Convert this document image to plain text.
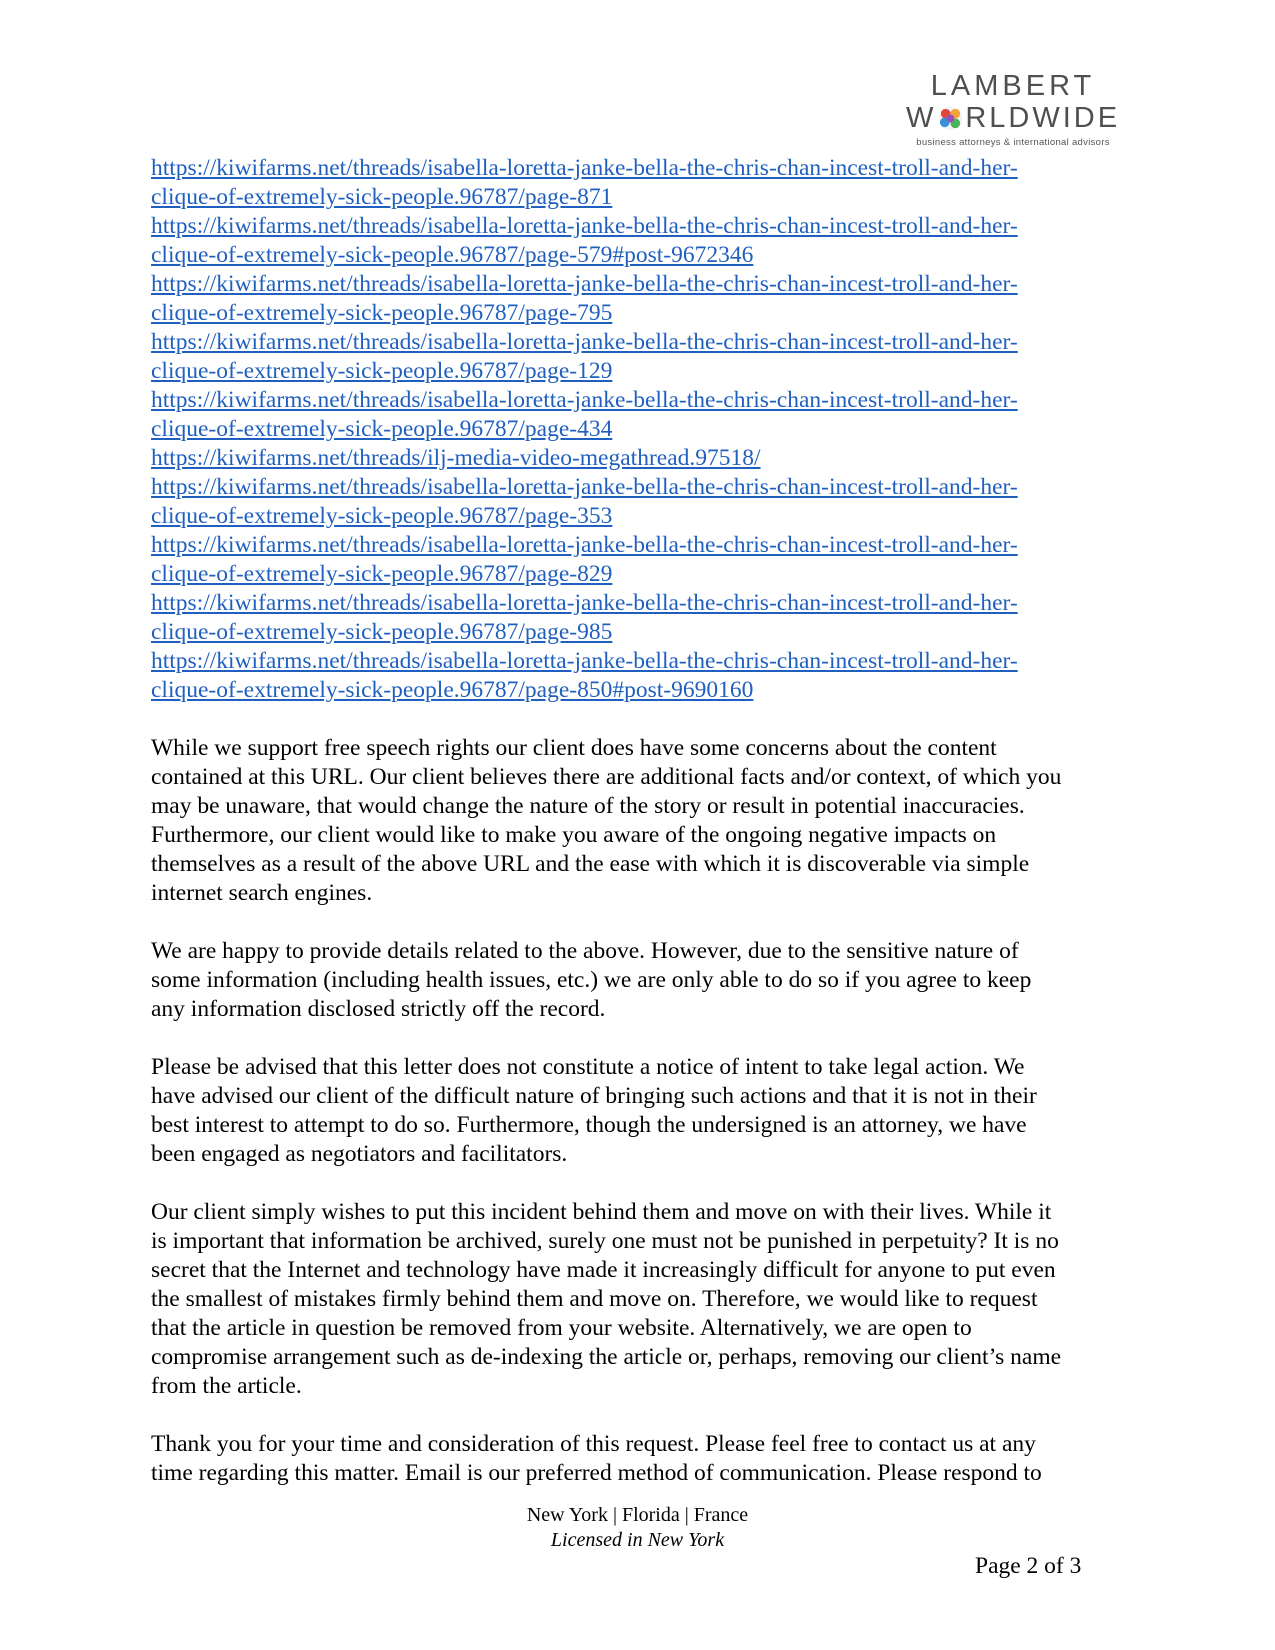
LAMBERT
W RLDWIDE
business attorneys & international advisors
https://kiwifarms.net/threads/isabella-loretta-janke-bella-the-chris-chan-incest-troll-and-her-
clique-of-extremely-sick-people.96787/page-871
https://kiwifarms.net/threads/isabella-loretta-janke-bella-the-chris-chan-incest-troll-and-her-
clique-of-extremely-sick-people.96787/page-579#post-9672346
https://kiwifarms.net/threads/isabella-loretta-janke-bella-the-chris-chan-incest-troll-and-her-
clique-of-extremely-sick-people.96787/page-795
https://kiwifarms.net/threads/isabella-loretta-janke-bella-the-chris-chan-incest-troll-and-her-
clique-of-extremely-sick-people.96787/page-129
https://kiwifarms.net/threads/isabella-loretta-janke-bella-the-chris-chan-incest-troll-and-her-
clique-of-extremely-sick-people.96787/page-434
https://kiwifarms.net/threads/ilj-media-video-megathread.97518/
https://kiwifarms.net/threads/isabella-loretta-janke-bella-the-chris-chan-incest-troll-and-her-
clique-of-extremely-sick-people.96787/page-353
https://kiwifarms.net/threads/isabella-loretta-janke-bella-the-chris-chan-incest-troll-and-her-
clique-of-extremely-sick-people.96787/page-829
https://kiwifarms.net/threads/isabella-loretta-janke-bella-the-chris-chan-incest-troll-and-her-
clique-of-extremely-sick-people.96787/page-985
https://kiwifarms.net/threads/isabella-loretta-janke-bella-the-chris-chan-incest-troll-and-her-
clique-of-extremely-sick-people.96787/page-850#post-9690160

While we support free speech rights our client does have some concerns about the content
contained at this URL. Our client believes there are additional facts and/or context, of which you
may be unaware, that would change the nature of the story or result in potential inaccuracies.
Furthermore, our client would like to make you aware of the ongoing negative impacts on
themselves as a result of the above URL and the ease with which it is discoverable via simple
internet search engines.

We are happy to provide details related to the above. However, due to the sensitive nature of
some information (including health issues, etc.) we are only able to do so if you agree to keep
any information disclosed strictly off the record.

Please be advised that this letter does not constitute a notice of intent to take legal action. We
have advised our client of the difficult nature of bringing such actions and that it is not in their
best interest to attempt to do so. Furthermore, though the undersigned is an attorney, we have
been engaged as negotiators and facilitators.

Our client simply wishes to put this incident behind them and move on with their lives. While it
is important that information be archived, surely one must not be punished in perpetuity? It is no
secret that the Internet and technology have made it increasingly difficult for anyone to put even
the smallest of mistakes firmly behind them and move on. Therefore, we would like to request
that the article in question be removed from your website. Alternatively, we are open to
compromise arrangement such as de-indexing the article or, perhaps, removing our client’s name
from the article.

Thank you for your time and consideration of this request. Please feel free to contact us at any
time regarding this matter. Email is our preferred method of communication. Please respond to

New York | Florida | France
Licensed in New York
Page 2 of 3
